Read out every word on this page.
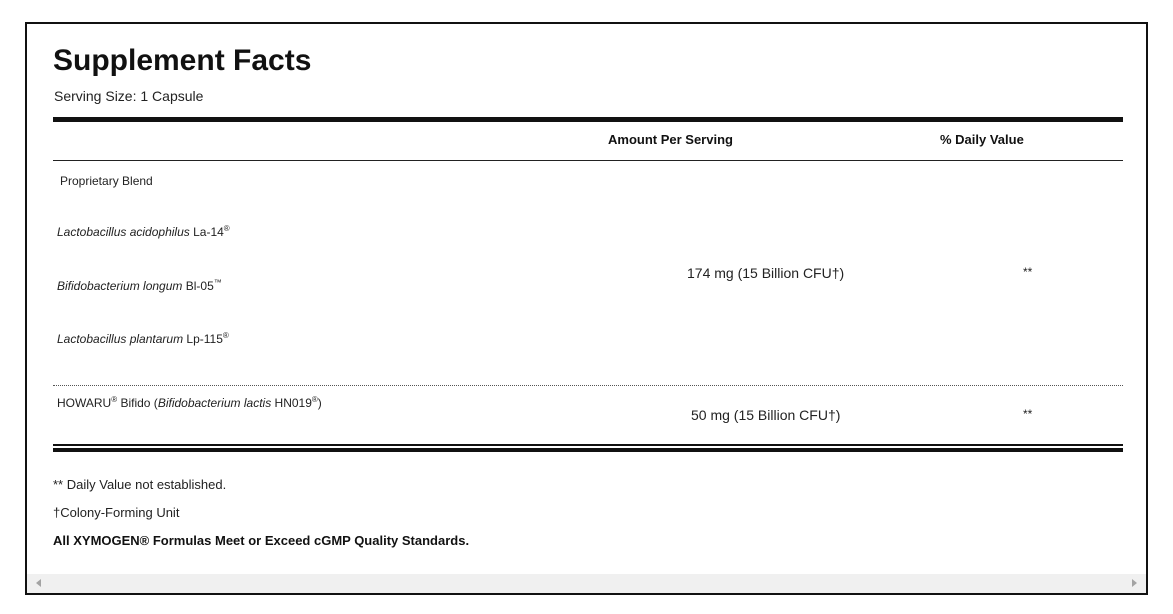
Supplement Facts
Serving Size: 1 Capsule
Amount Per Serving	% Daily Value
Proprietary Blend
Lactobacillus acidophilus La-14®
Bifidobacterium longum Bl-05™
Lactobacillus plantarum Lp-115®
174 mg (15 Billion CFU†)	**
HOWARU® Bifido (Bifidobacterium lactis HN019®)
50 mg (15 Billion CFU†)	**
** Daily Value not established.
†Colony-Forming Unit
All XYMOGEN® Formulas Meet or Exceed cGMP Quality Standards.
